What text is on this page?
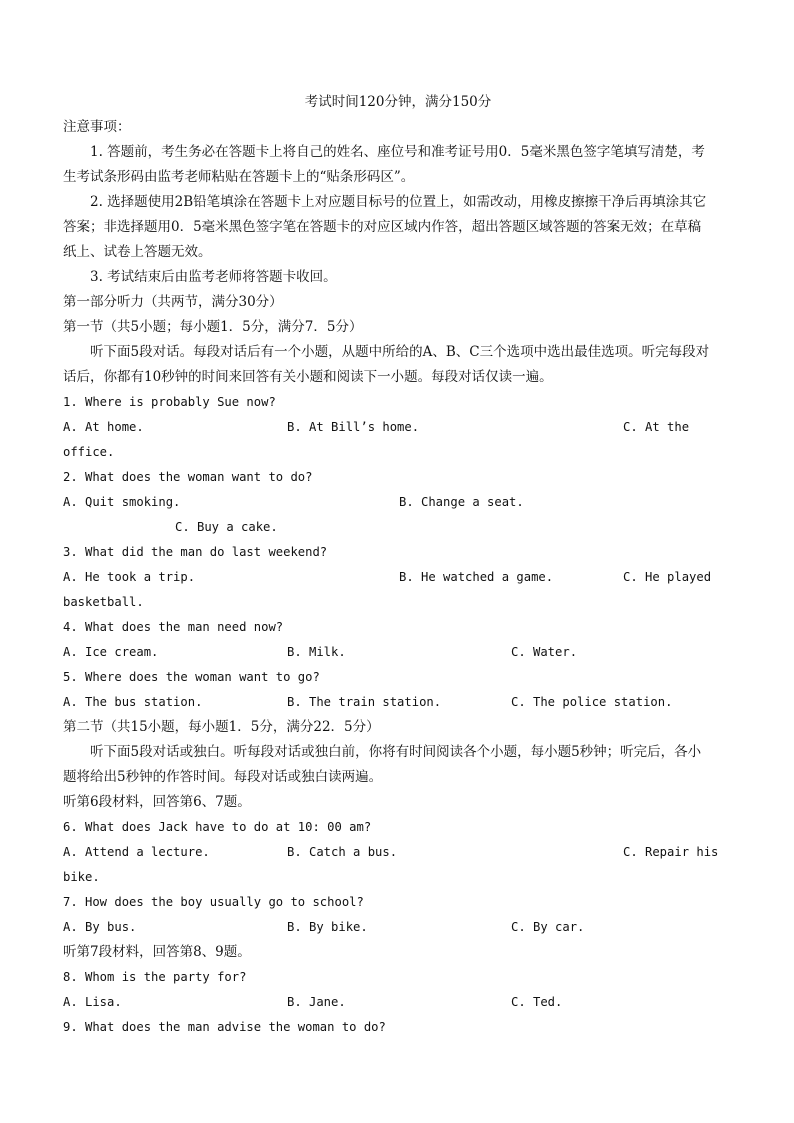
考试时间120分钟，满分150分
注意事项：
1. 答题前，考生务必在答题卡上将自己的姓名、座位号和准考证号用0．5毫米黑色签字笔填写清楚，考
生考试条形码由监考老师粘贴在答题卡上的“贴条形码区”。
2. 选择题使用2B铅笔填涂在答题卡上对应题目标号的位置上，如需改动，用橡皮擦擦干净后再填涂其它
答案；非选择题用0．5毫米黑色签字笔在答题卡的对应区域内作答，超出答题区域答题的答案无效；在草稿
纸上、试卷上答题无效。
3. 考试结束后由监考老师将答题卡收回。
第一部分听力（共两节，满分30分）
第一节（共5小题；每小题1．5分，满分7．5分）
听下面5段对话。每段对话后有一个小题，从题中所给的A、B、C三个选项中选出最佳选项。听完每段对
话后，你都有10秒钟的时间来回答有关小题和阅读下一小题。每段对话仅读一遍。
1. Where is probably Sue now?
A. At home.	B. At Bill’s home.	C. At the
office.
2. What does the woman want to do?
A. Quit smoking.	B. Change a seat.
C. Buy a cake.
3. What did the man do last weekend?
A. He took a trip.	B. He watched a game.	C. He played
basketball.
4. What does the man need now?
A. Ice cream.	B. Milk.	C. Water.
5. Where does the woman want to go?
A. The bus station.	B. The train station.	C. The police station.
第二节（共15小题，每小题1．5分，满分22．5分）
听下面5段对话或独白。听每段对话或独白前，你将有时间阅读各个小题，每小题5秒钟；听完后，各小
题将给出5秒钟的作答时间。每段对话或独白读两遍。
听第6段材料，回答第6、7题。
6. What does Jack have to do at 10: 00 am?
A. Attend a lecture.	B. Catch a bus.	C. Repair his
bike.
7. How does the boy usually go to school?
A. By bus.	B. By bike.	C. By car.
听第7段材料，回答第8、9题。
8. Whom is the party for?
A. Lisa.	B. Jane.	C. Ted.
9. What does the man advise the woman to do?
